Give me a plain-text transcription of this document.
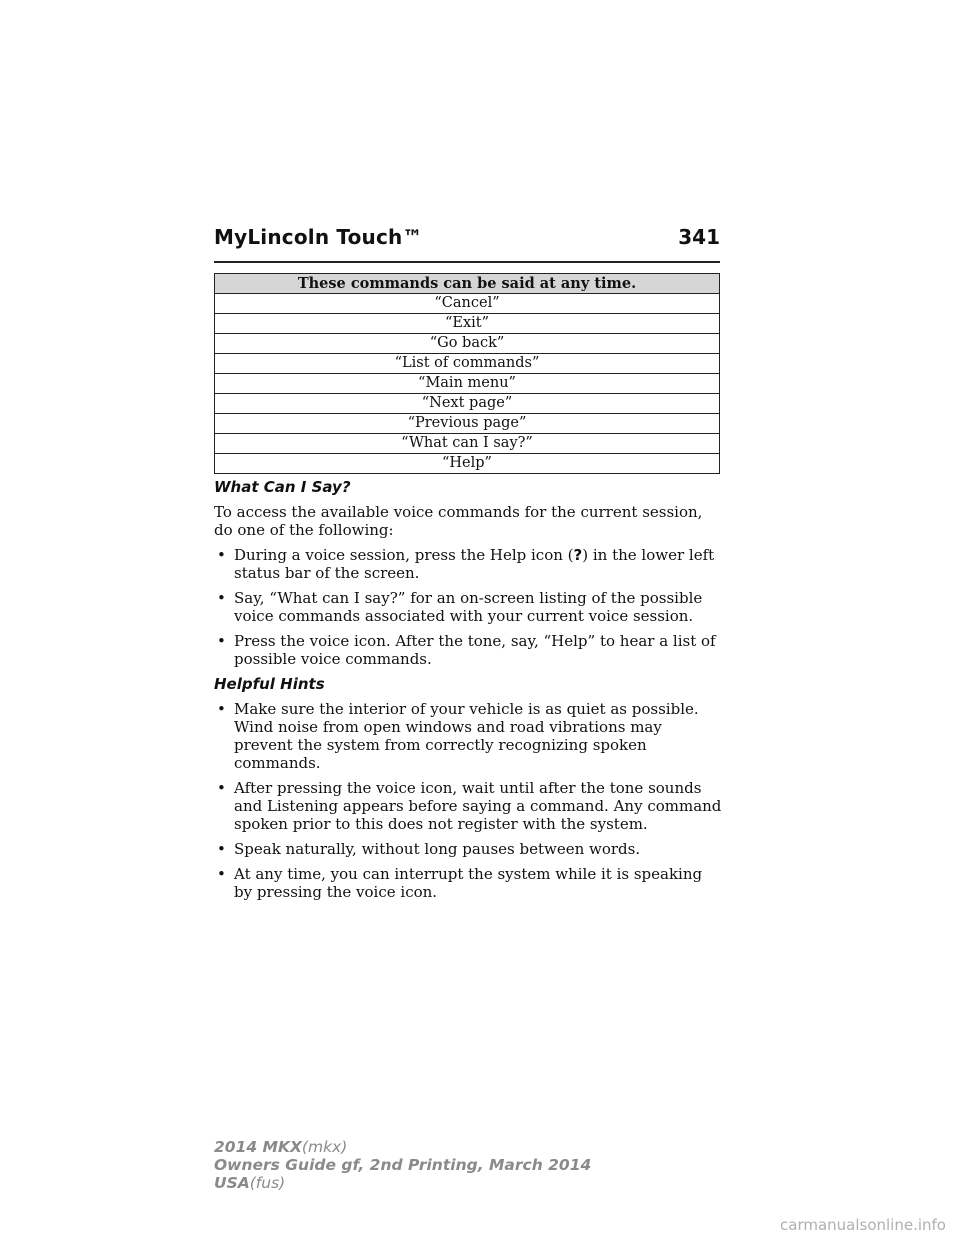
MyLincoln Touch™	341
These commands can be said at any time.
“Cancel”
“Exit”
“Go back”
“List of commands”
“Main menu”
“Next page”
“Previous page”
“What can I say?”
“Help”
What Can I Say?

To access the available voice commands for the current session, do one of the following:

• During a voice session, press the Help icon (?) in the lower left status bar of the screen.
• Say, “What can I say?” for an on-screen listing of the possible voice commands associated with your current voice session.
• Press the voice icon. After the tone, say, “Help” to hear a list of possible voice commands.
Helpful Hints
• Make sure the interior of your vehicle is as quiet as possible. Wind noise from open windows and road vibrations may prevent the system from correctly recognizing spoken commands.
• After pressing the voice icon, wait until after the tone sounds and Listening appears before saying a command. Any command spoken prior to this does not register with the system.
• Speak naturally, without long pauses between words.
• At any time, you can interrupt the system while it is speaking by pressing the voice icon.
2014 MKX(mkx)
Owners Guide gf, 2nd Printing, March 2014
USA(fus)
carmanualsonline.info
